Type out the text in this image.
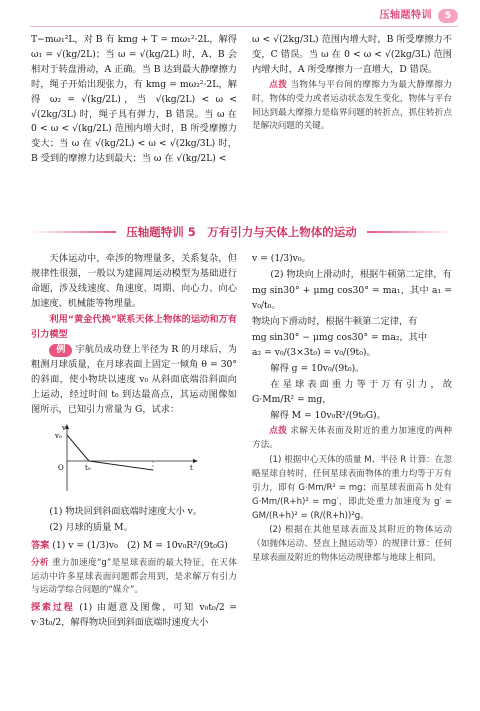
压轴题特训	5

T−mω₁²L，对 B 有 kmg + T = mω₁²·2L，解得 ω₁ = √(kg/2L)；当 ω = √(kg/2L) 时，A、B 会相对于转盘滑动，A 正确。当 B 达到最大静摩擦力时，绳子开始出现张力，有 kmg = mω₂²·2L，解得 ω₂ = √(kg/2L)，当 √(kg/2L) < ω < √(2kg/3L) 时，绳子具有弹力，B 错误。当 ω 在 0 < ω < √(kg/2L) 范围内增大时，B 所受摩擦力变大；当 ω 在 √(kg/2L) < ω < √(2kg/3L) 时，B 受到的摩擦力达到最大；当 ω 在 √(kg/2L) <

ω < √(2kg/3L) 范围内增大时，B 所受摩擦力不变，C 错误。当 ω 在 0 < ω < √(2kg/3L) 范围内增大时，A 所受摩擦力一直增大，D 错误。

点拨 当物体与平台间的摩擦力为最大静摩擦力时，物体的受力或者运动状态发生变化，物体与平台间达到最大摩擦力是临界问题的转折点，抓住转折点是解决问题的关键。

压轴题特训 5　万有引力与天体上物体的运动

天体运动中，牵涉的物理量多，关系复杂，但规律性很强，一般以为建圆周运动模型为基础进行命题，涉及线速度、角速度、周期、向心力、向心加速度、机械能等物理量。

利用“黄金代换”联系天体上物体的运动和万有引力模型

例 宇航员成功登上半径为 R 的月球后，为粗测月球质量，在月球表面上固定一倾角 θ = 30° 的斜面，使小物块以速度 v₀ 从斜面底端沿斜面向上运动，经过时间 t₀ 到达最高点，其运动图像如图所示，已知引力常量为 G，试求：

v₀
v
O	t₀	t

(1) 物块回到斜面底端时速度大小 v。

(2) 月球的质量 M。

答案 (1) v = (1/3)v₀　(2) M = 10v₀R²/(9t₀G)

分析 重力加速度“g”是星球表面的最大特征，在天体运动中许多星球表面问题都会用到，是求解万有引力与运动学综合问题的“媒介”。

探索过程 (1) 由题意及图像，可知 v₀t₀/2 = v·3t₀/2，解得物块回到斜面底端时速度大小

v = (1/3)v₀。

(2) 物块向上滑动时，根据牛顿第二定律，有

mg sin30° + μmg cos30° = ma₁，其中 a₁ = v₀/t₀。

物块向下滑动时，根据牛顿第二定律，有

mg sin30° − μmg cos30° = ma₂，其中

a₂ = v₀/(3×3t₀) = v₀/(9t₀)。

解得 g = 10v₀/(9t₀)。

在星球表面重力等于万有引力，故 G·Mm/R² = mg，

解得 M = 10v₀R²/(9t₀G)。

点拨 求解天体表面及附近的重力加速度的两种方法。

(1) 根据中心天体的质量 M、半径 R 计算：在忽略星球自转时，任何星球表面物体的重力均等于万有引力，即有 G·Mm/R² = mg；而星球表面高 h 处有 G·Mm/(R+h)² = mg′，即此处重力加速度为 g′ = GM/(R+h)² = (R/(R+h))²g。

(2) 根据在其他星球表面及其附近的物体运动（如抛体运动、竖直上抛运动等）的规律计算：任何星球表面及附近的物体运动规律都与地球上相同。
